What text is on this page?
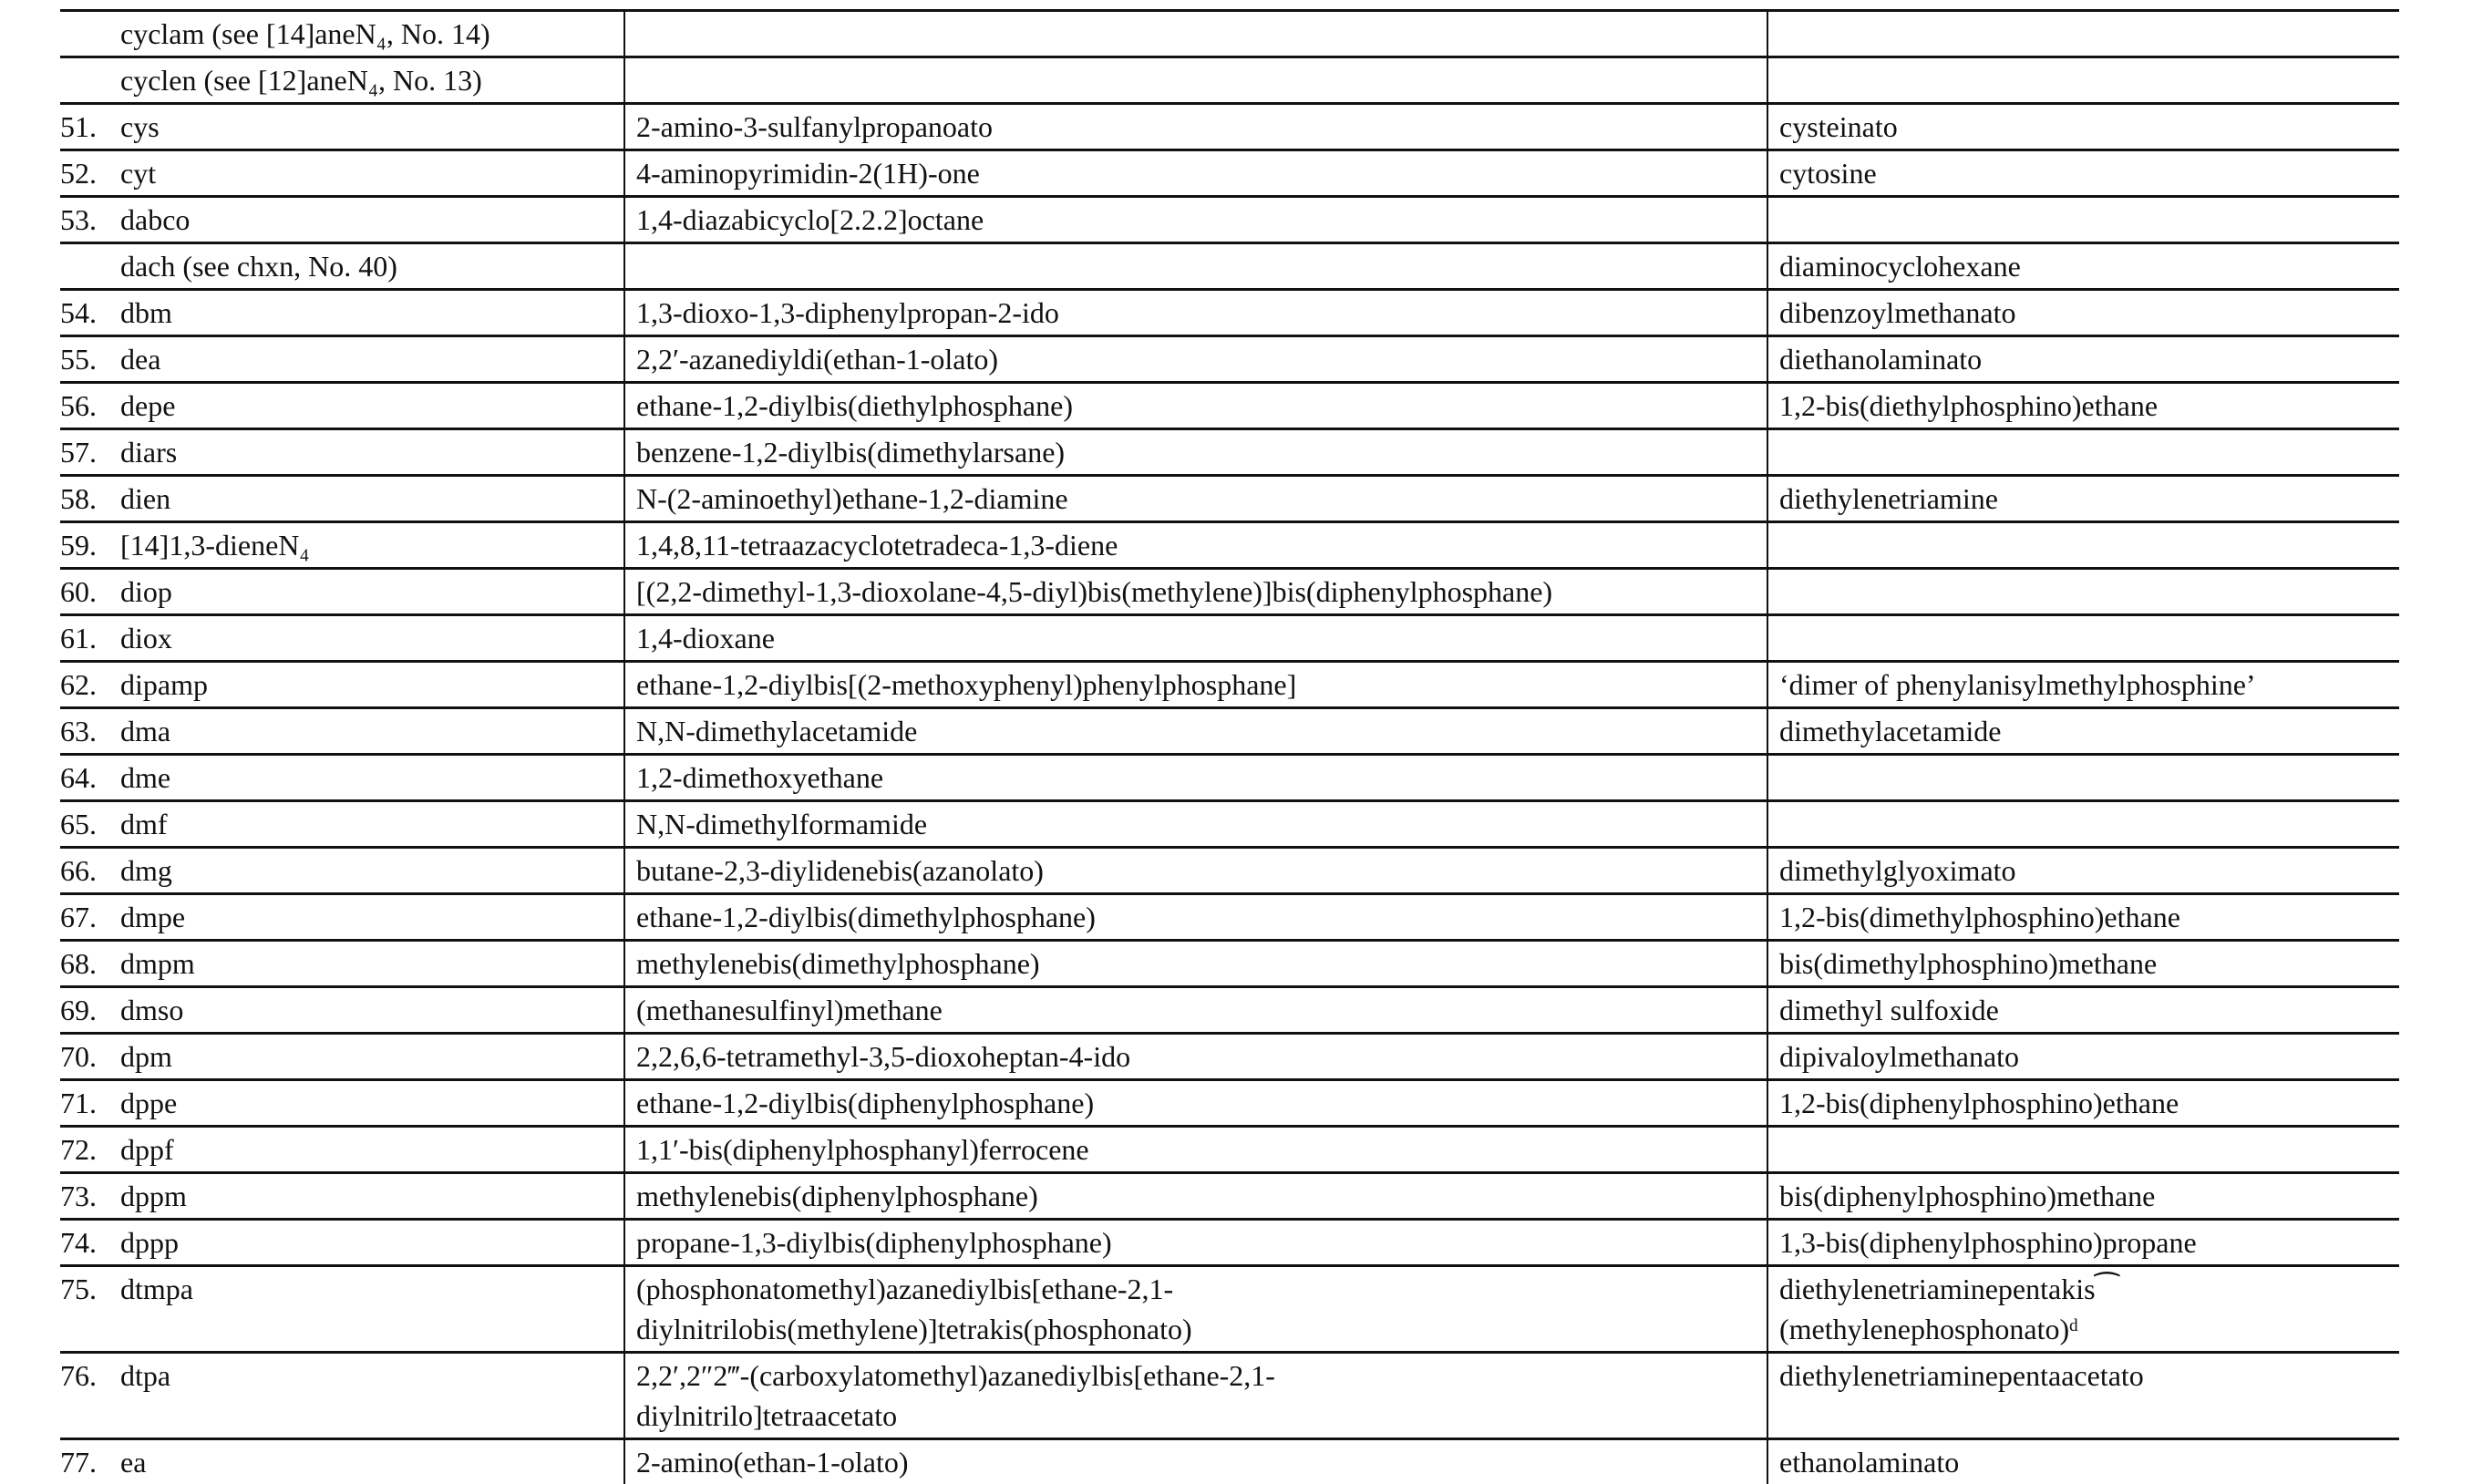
cyclam (see [14]aneN₄, No. 14)	

cyclen (see [12]aneN₄, No. 13)	

51. cys	2-amino-3-sulfanylpropanoato	cysteinato

52. cyt	4-aminopyrimidin-2(1H)-one	cytosine

53. dabco	1,4-diazabicyclo[2.2.2]octane	

dach (see chxn, No. 40)		diaminocyclohexane

54. dbm	1,3-dioxo-1,3-diphenylpropan-2-ido	dibenzoylmethanato

55. dea	2,2′-azanediyldi(ethan-1-olato)	diethanolaminato

56. depe	ethane-1,2-diylbis(diethylphosphane)	1,2-bis(diethylphosphino)ethane

57. diars	benzene-1,2-diylbis(dimethylarsane)	

58. dien	N-(2-aminoethyl)ethane-1,2-diamine	diethylenetriamine

59. [14]1,3-dieneN₄	1,4,8,11-tetraazacyclotetradeca-1,3-diene	

60. diop	[(2,2-dimethyl-1,3-dioxolane-4,5-diyl)bis(methylene)]bis(diphenylphosphane)	

61. diox	1,4-dioxane	

62. dipamp	ethane-1,2-diylbis[(2-methoxyphenyl)phenylphosphane]	‘dimer of phenylanisylmethylphosphine’

63. dma	N,N-dimethylacetamide	dimethylacetamide

64. dme	1,2-dimethoxyethane	

65. dmf	N,N-dimethylformamide	

66. dmg	butane-2,3-diylidenebis(azanolato)	dimethylglyoximato

67. dmpe	ethane-1,2-diylbis(dimethylphosphane)	1,2-bis(dimethylphosphino)ethane

68. dmpm	methylenebis(dimethylphosphane)	bis(dimethylphosphino)methane

69. dmso	(methanesulfinyl)methane	dimethyl sulfoxide

70. dpm	2,2,6,6-tetramethyl-3,5-dioxoheptan-4-ido	dipivaloylmethanato

71. dppe	ethane-1,2-diylbis(diphenylphosphane)	1,2-bis(diphenylphosphino)ethane

72. dppf	1,1′-bis(diphenylphosphanyl)ferrocene	

73. dppm	methylenebis(diphenylphosphane)	bis(diphenylphosphino)methane

74. dppp	propane-1,3-diylbis(diphenylphosphane)	1,3-bis(diphenylphosphino)propane

75. dtmpa	(phosphonatomethyl)azanediylbis[ethane-2,1-
diylnitrilobis(methylene)]tetrakis(phosphonato)	diethylenetriaminepentakis⁀
(methylenephosphonato)ᵈ

76. dtpa	2,2′,2″2‴-(carboxylatomethyl)azanediylbis[ethane-2,1-
diylnitrilo]tetraacetato	diethylenetriaminepentaacetato

77. ea	2-amino(ethan-1-olato)	ethanolaminato
